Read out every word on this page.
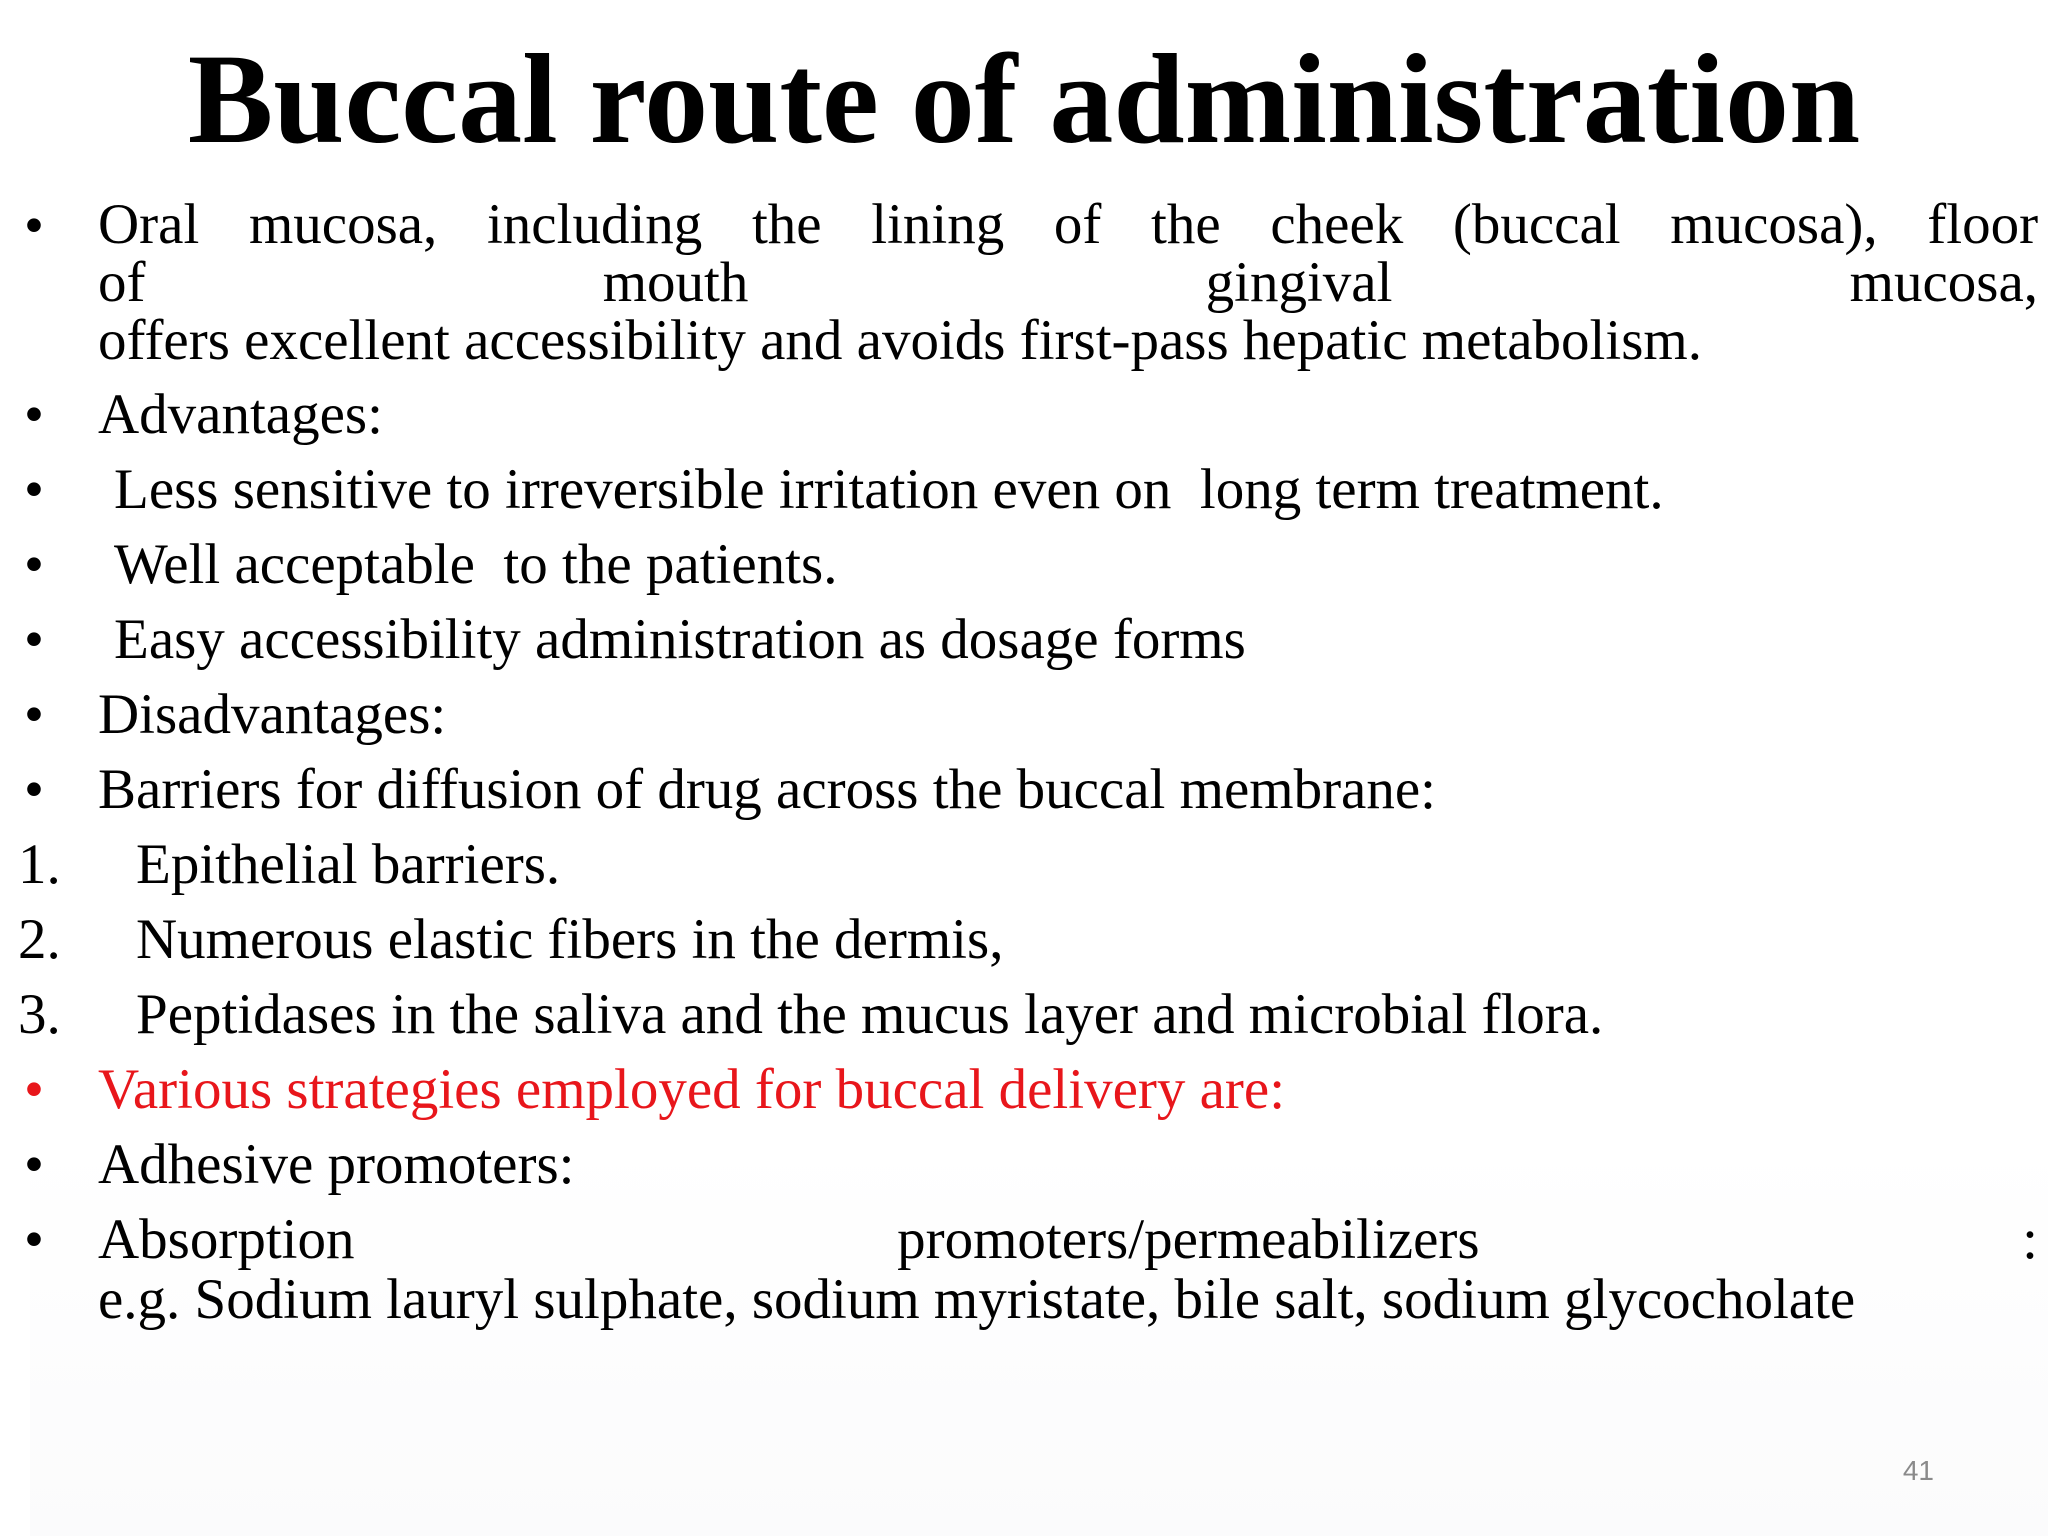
Buccal route of administration
• Oral mucosa, including the lining of the cheek (buccal mucosa), floor
of	mouth	gingival	mucosa,
offers excellent accessibility and avoids first-pass hepatic metabolism.
• Advantages:
•	Less sensitive to irreversible irritation even on  long term treatment.
•	Well acceptable  to the patients.
•	Easy accessibility administration as dosage forms
• Disadvantages:
• Barriers for diffusion of drug across the buccal membrane:
1.	Epithelial barriers.
2.	Numerous elastic fibers in the dermis,
3.	Peptidases in the saliva and the mucus layer and microbial flora.
• Various strategies employed for buccal delivery are:
• Adhesive promoters:
• Absorption	promoters/permeabilizers	:
e.g. Sodium lauryl sulphate, sodium myristate, bile salt, sodium glycocholate
41
